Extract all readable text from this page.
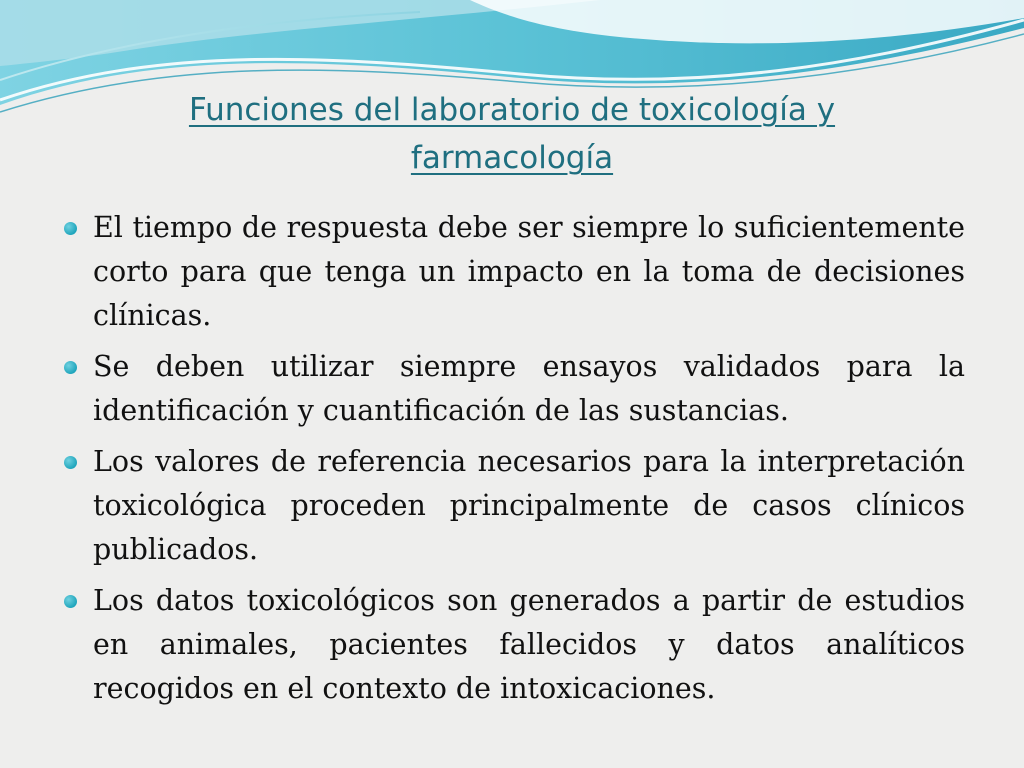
Funciones del laboratorio de toxicología y farmacología
El tiempo de respuesta debe ser siempre lo suficientemente corto para que tenga un impacto en la toma de decisiones clínicas.
Se deben utilizar siempre ensayos validados para la identificación y cuantificación de las sustancias.
Los valores de referencia necesarios para la interpretación toxicológica proceden principalmente de casos clínicos publicados.
Los datos toxicológicos son generados a partir de estudios en animales, pacientes fallecidos y datos analíticos recogidos en el contexto de intoxicaciones.
